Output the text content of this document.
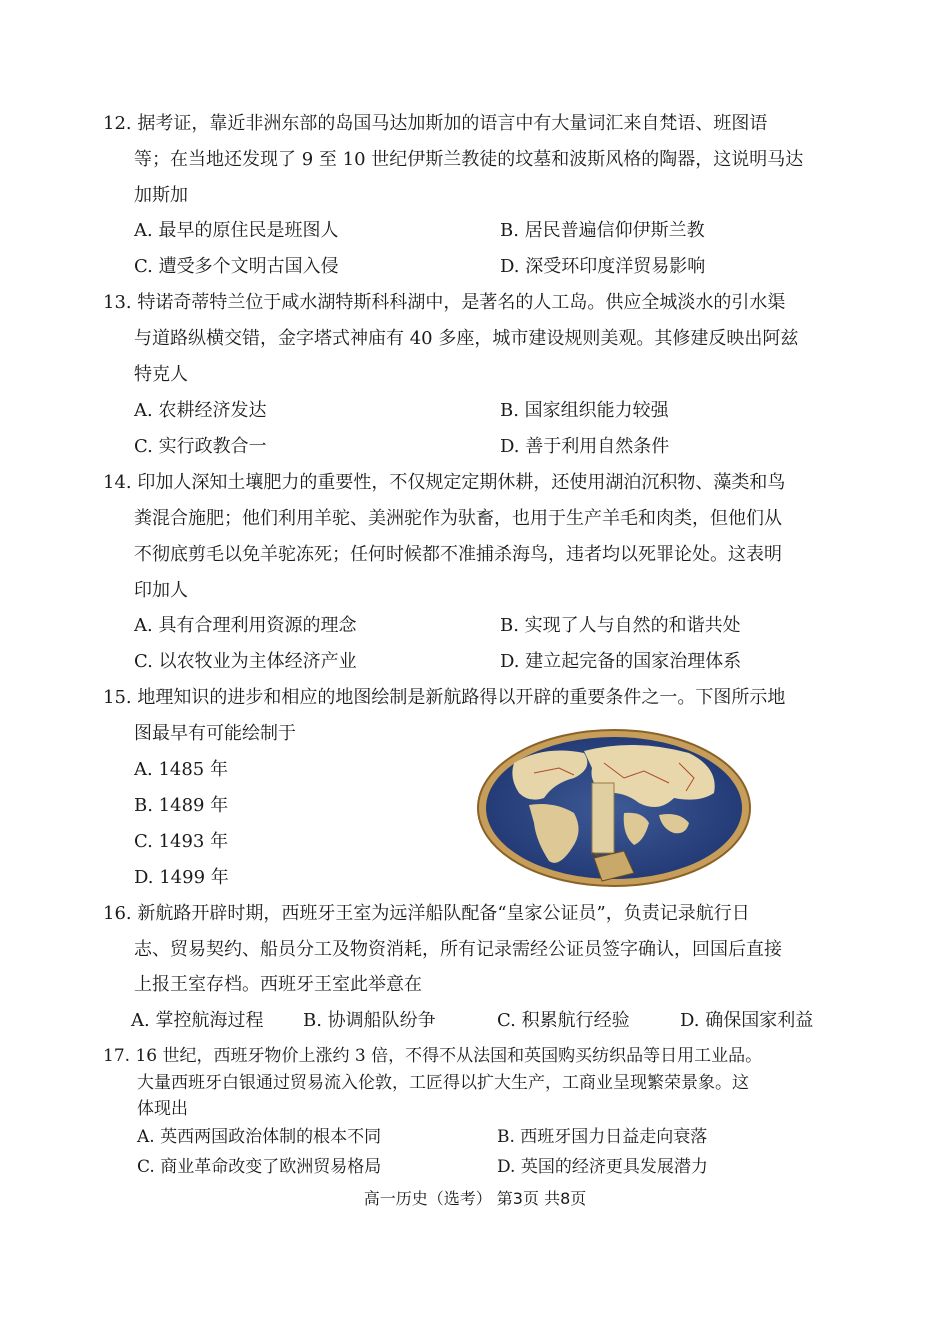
12. 据考证，靠近非洲东部的岛国马达加斯加的语言中有大量词汇来自梵语、班图语
等；在当地还发现了 9 至 10 世纪伊斯兰教徒的坟墓和波斯风格的陶器，这说明马达
加斯加
A. 最早的原住民是班图人	B. 居民普遍信仰伊斯兰教
C. 遭受多个文明古国入侵	D. 深受环印度洋贸易影响
13. 特诺奇蒂特兰位于咸水湖特斯科科湖中，是著名的人工岛。供应全城淡水的引水渠
与道路纵横交错，金字塔式神庙有 40 多座，城市建设规则美观。其修建反映出阿兹
特克人
A. 农耕经济发达	B. 国家组织能力较强
C. 实行政教合一	D. 善于利用自然条件
14. 印加人深知土壤肥力的重要性，不仅规定定期休耕，还使用湖泊沉积物、藻类和鸟
粪混合施肥；他们利用羊驼、美洲驼作为驮畜，也用于生产羊毛和肉类，但他们从
不彻底剪毛以免羊驼冻死；任何时候都不准捕杀海鸟，违者均以死罪论处。这表明
印加人
A. 具有合理利用资源的理念	B. 实现了人与自然的和谐共处
C. 以农牧业为主体经济产业	D. 建立起完备的国家治理体系
15. 地理知识的进步和相应的地图绘制是新航路得以开辟的重要条件之一。下图所示地
图最早有可能绘制于
A. 1485 年
B. 1489 年
C. 1493 年
D. 1499 年
16. 新航路开辟时期，西班牙王室为远洋船队配备“皇家公证员”，负责记录航行日
志、贸易契约、船员分工及物资消耗，所有记录需经公证员签字确认，回国后直接
上报王室存档。西班牙王室此举意在
A. 掌控航海过程 B. 协调船队纷争	C. 积累航行经验	D. 确保国家利益
17. 16 世纪，西班牙物价上涨约 3 倍，不得不从法国和英国购买纺织品等日用工业品。
大量西班牙白银通过贸易流入伦敦，工匠得以扩大生产，工商业呈现繁荣景象。这
体现出
A. 英西两国政治体制的根本不同	B. 西班牙国力日益走向衰落
C. 商业革命改变了欧洲贸易格局	D. 英国的经济更具发展潜力
高一历史（选考） 第3页 共8页
